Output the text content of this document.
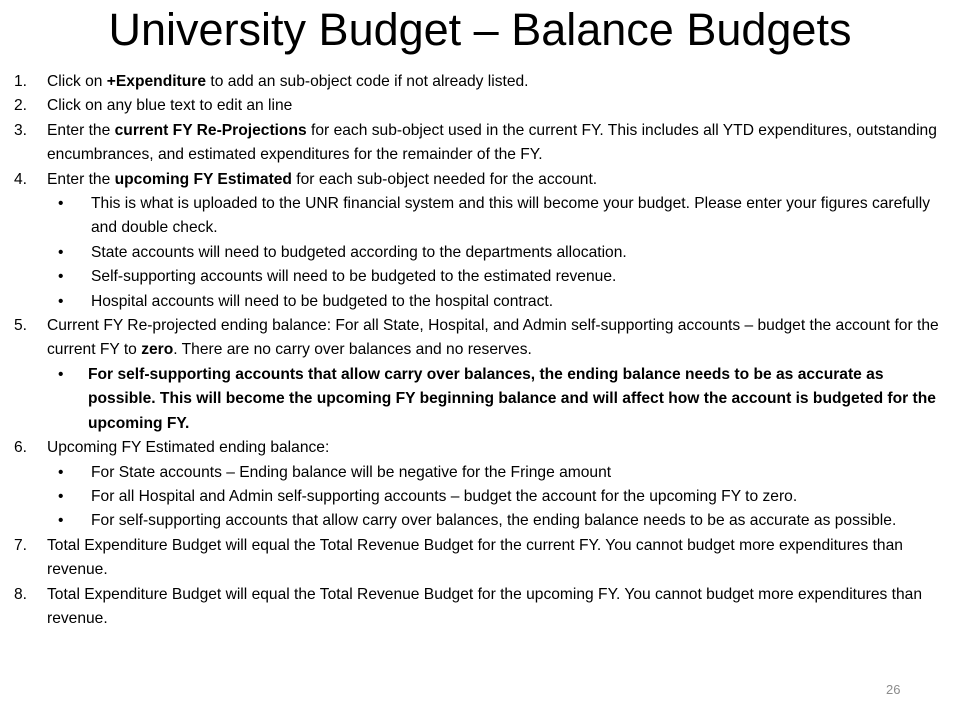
University Budget – Balance Budgets
1.	Click on +Expenditure to add an sub-object code if not already listed.
2.	Click on any blue text to edit an line
3.	Enter the current FY Re-Projections for each sub-object used in the current FY. This includes all YTD expenditures, outstanding encumbrances, and estimated expenditures for the remainder of the FY.
4.	Enter the upcoming FY Estimated for each sub-object needed for the account.
•	This is what is uploaded to the UNR financial system and this will become your budget. Please enter your figures carefully and double check.
•	State accounts will need to budgeted according to the departments allocation.
•	Self-supporting accounts will need to be budgeted to the estimated revenue.
•	Hospital accounts will need to be budgeted to the hospital contract.
5.	Current FY Re-projected ending balance: For all State, Hospital, and Admin self-supporting accounts – budget the account for the current FY to zero. There are no carry over balances and no reserves.
•	For self-supporting accounts that allow carry over balances, the ending balance needs to be as accurate as possible. This will become the upcoming FY beginning balance and will affect how the account is budgeted for the upcoming FY.
6.	Upcoming FY Estimated ending balance:
•	For State accounts – Ending balance will be negative for the Fringe amount
•	For all Hospital and Admin self-supporting accounts – budget the account for the upcoming FY to zero.
•	For self-supporting accounts that allow carry over balances, the ending balance needs to be as accurate as possible.
7.	Total Expenditure Budget will equal the Total Revenue Budget for the current FY. You cannot budget more expenditures than revenue.
8.	Total Expenditure Budget will equal the Total Revenue Budget for the upcoming FY. You cannot budget more expenditures than revenue.
26
